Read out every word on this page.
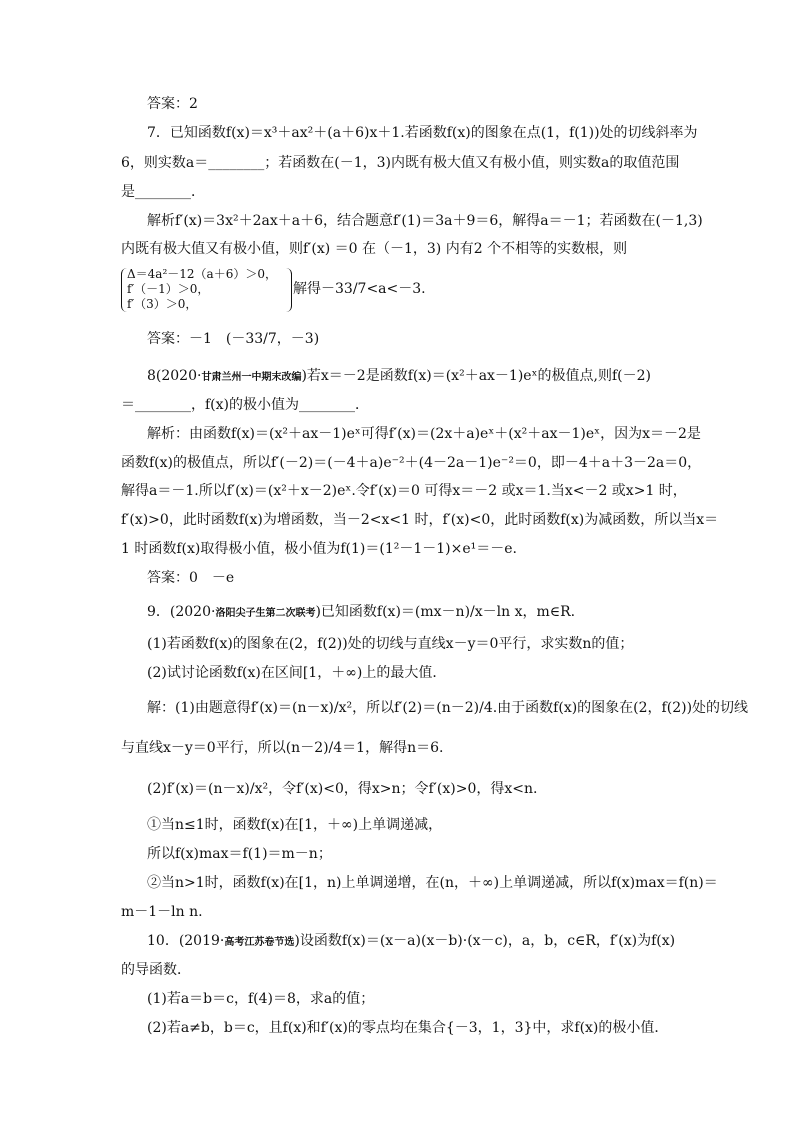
答案：2
7．已知函数f(x)＝x³＋ax²＋(a＋6)x＋1.若函数f(x)的图象在点(1，f(1))处的切线斜率为
6，则实数a＝________；若函数在(－1，3)内既有极大值又有极小值，则实数a的取值范围
是________．
解析f′(x)＝3x²＋2ax＋a＋6，结合题意f′(1)＝3a＋9＝6，解得a＝－1；若函数在(－1,3)
内既有极大值又有极小值，则f′(x) ＝0 在（－1，3) 内有2 个不相等的实数根，则
Δ＝4a²－12（a＋6）＞0，
f′（－1）＞0，
f′（3）＞0，
解得－33/7<a<－3.
答案：－1　(－33/7，－3)
8(2020·甘肃兰州一中期末改编)若x＝－2是函数f(x)＝(x²＋ax－1)eˣ的极值点,则f(－2)
＝________，f(x)的极小值为________．
解析：由函数f(x)＝(x²＋ax－1)eˣ可得f′(x)＝(2x＋a)eˣ＋(x²＋ax－1)eˣ，因为x＝－2是
函数f(x)的极值点，所以f′(－2)＝(－4＋a)e⁻²＋(4－2a－1)e⁻²＝0，即－4＋a＋3－2a＝0，
解得a＝－1.所以f′(x)＝(x²＋x－2)eˣ.令f′(x)＝0 可得x＝－2 或x＝1.当x<－2 或x>1 时，
f′(x)>0，此时函数f(x)为增函数，当－2<x<1 时，f′(x)<0，此时函数f(x)为减函数，所以当x＝
1 时函数f(x)取得极小值，极小值为f(1)＝(1²－1－1)×e¹＝－e.
答案：0　－e
9．(2020·洛阳尖子生第二次联考)已知函数f(x)＝(mx－n)/x－ln x，m∈R.
(1)若函数f(x)的图象在(2，f(2))处的切线与直线x－y＝0平行，求实数n的值；
(2)试讨论函数f(x)在区间[1，＋∞)上的最大值．
解：(1)由题意得f′(x)＝(n－x)/x²，所以f′(2)＝(n－2)/4.由于函数f(x)的图象在(2，f(2))处的切线
与直线x－y＝0平行，所以(n－2)/4＝1，解得n＝6.
(2)f′(x)＝(n－x)/x²，令f′(x)<0，得x>n；令f′(x)>0，得x<n.
①当n≤1时，函数f(x)在[1，＋∞)上单调递减，
所以f(x)max＝f(1)＝m－n；
②当n>1时，函数f(x)在[1，n)上单调递增，在(n，＋∞)上单调递减，所以f(x)max＝f(n)＝
m－1－ln n.
10．(2019·高考江苏卷节选)设函数f(x)＝(x－a)(x－b)·(x－c)，a，b，c∈R，f′(x)为f(x)
的导函数．
(1)若a＝b＝c，f(4)＝8，求a的值；
(2)若a≠b，b＝c，且f(x)和f′(x)的零点均在集合{－3，1，3}中，求f(x)的极小值．
